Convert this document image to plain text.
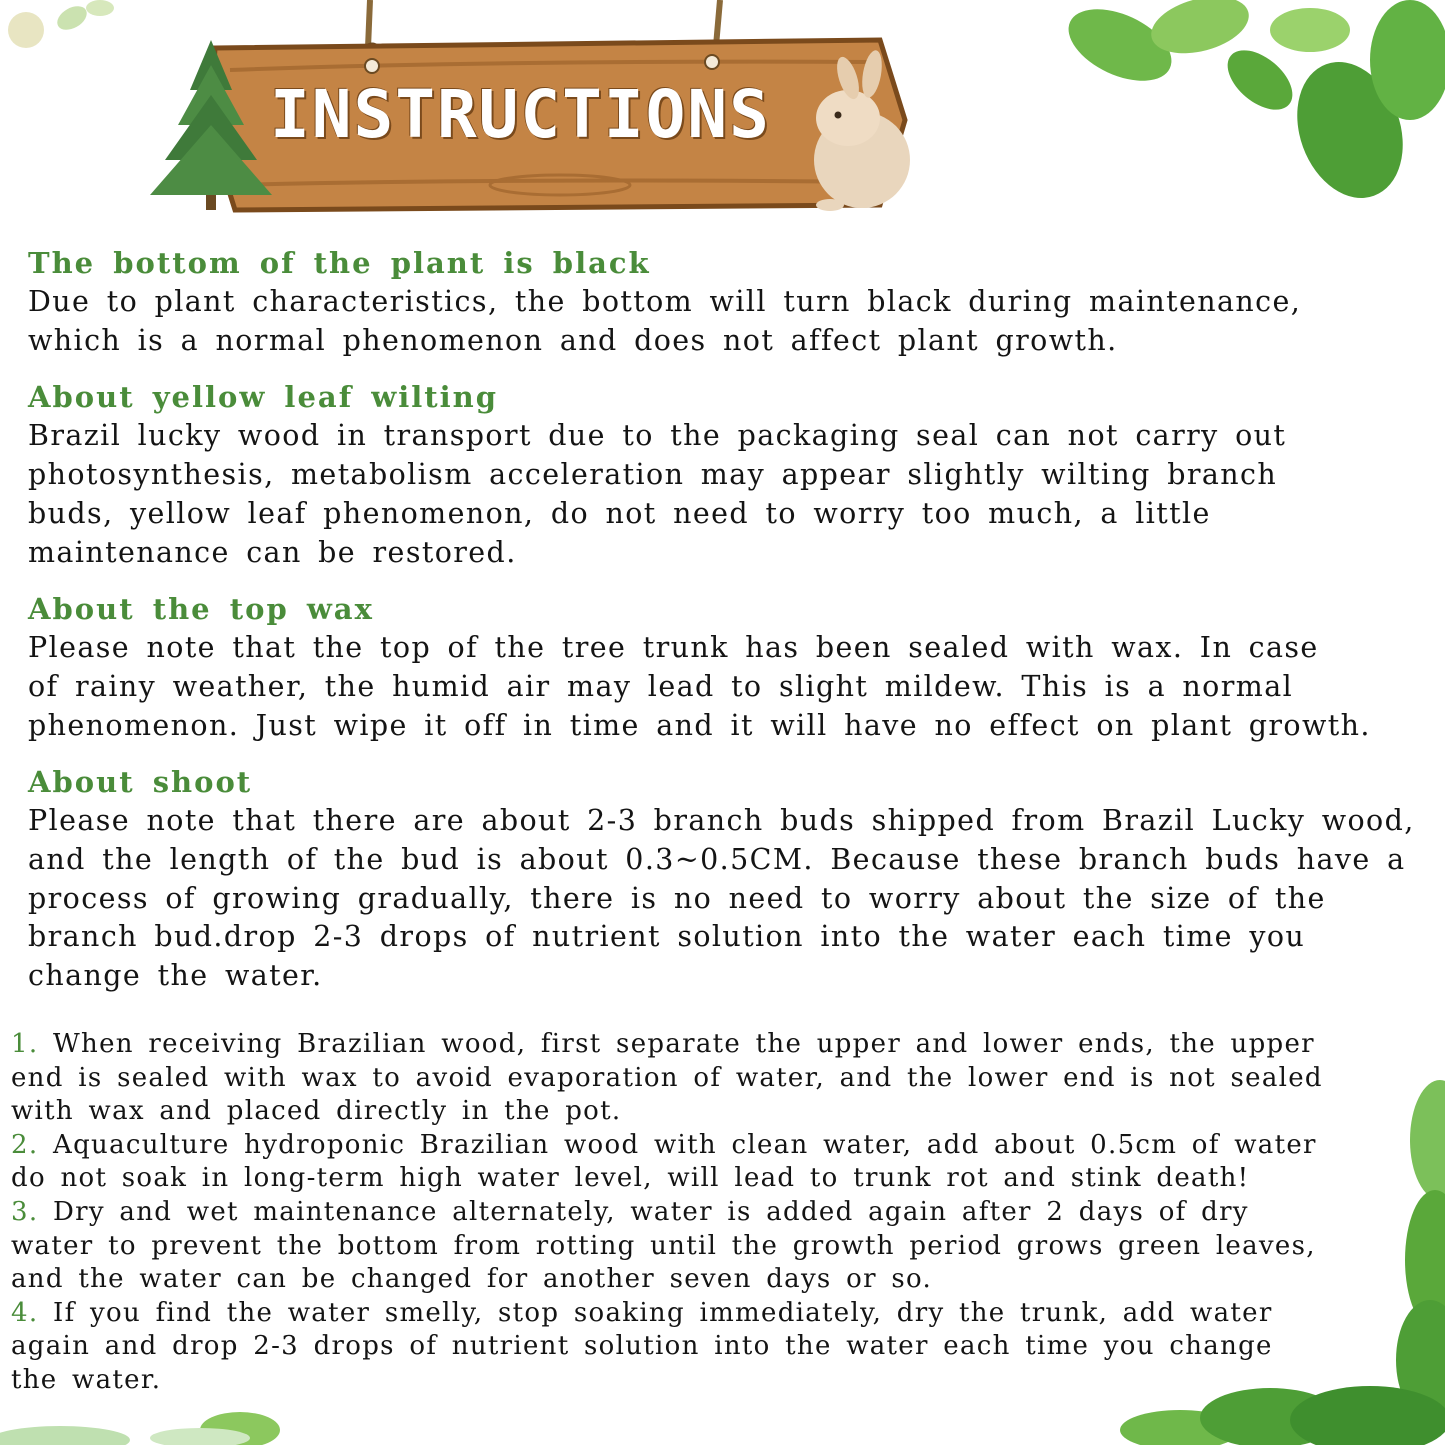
INSTRUCTIONS
The bottom of the plant is black

Due to plant characteristics, the bottom will turn black during maintenance,

which is a normal phenomenon and does not affect plant growth.

About yellow leaf wilting

Brazil lucky wood in transport due to the packaging seal can not carry out

photosynthesis, metabolism acceleration may appear slightly wilting branch

buds, yellow leaf phenomenon, do not need to worry too much, a little

maintenance can be restored.

About the top wax

Please note that the top of the tree trunk has been sealed with wax. In case

of rainy weather, the humid air may lead to slight mildew. This is a normal

phenomenon. Just wipe it off in time and it will have no effect on plant growth.

About shoot

Please note that there are about 2-3 branch buds shipped from Brazil Lucky wood,

and the length of the bud is about 0.3~0.5CM. Because these branch buds have a

process of growing gradually, there is no need to worry about the size of the

branch bud.drop 2-3 drops of nutrient solution into the water each time you

change the water.

1. When receiving Brazilian wood, first separate the upper and lower ends, the upper
end is sealed with wax to avoid evaporation of water, and the lower end is not sealed
with wax and placed directly in the pot.
2. Aquaculture hydroponic Brazilian wood with clean water, add about 0.5cm of water
do not soak in long-term high water level, will lead to trunk rot and stink death!
3. Dry and wet maintenance alternately, water is added again after 2 days of dry
water to prevent the bottom from rotting until the growth period grows green leaves,
and the water can be changed for another seven days or so.
4. If you find the water smelly, stop soaking immediately, dry the trunk, add water
again and drop 2-3 drops of nutrient solution into the water each time you change
the water.
